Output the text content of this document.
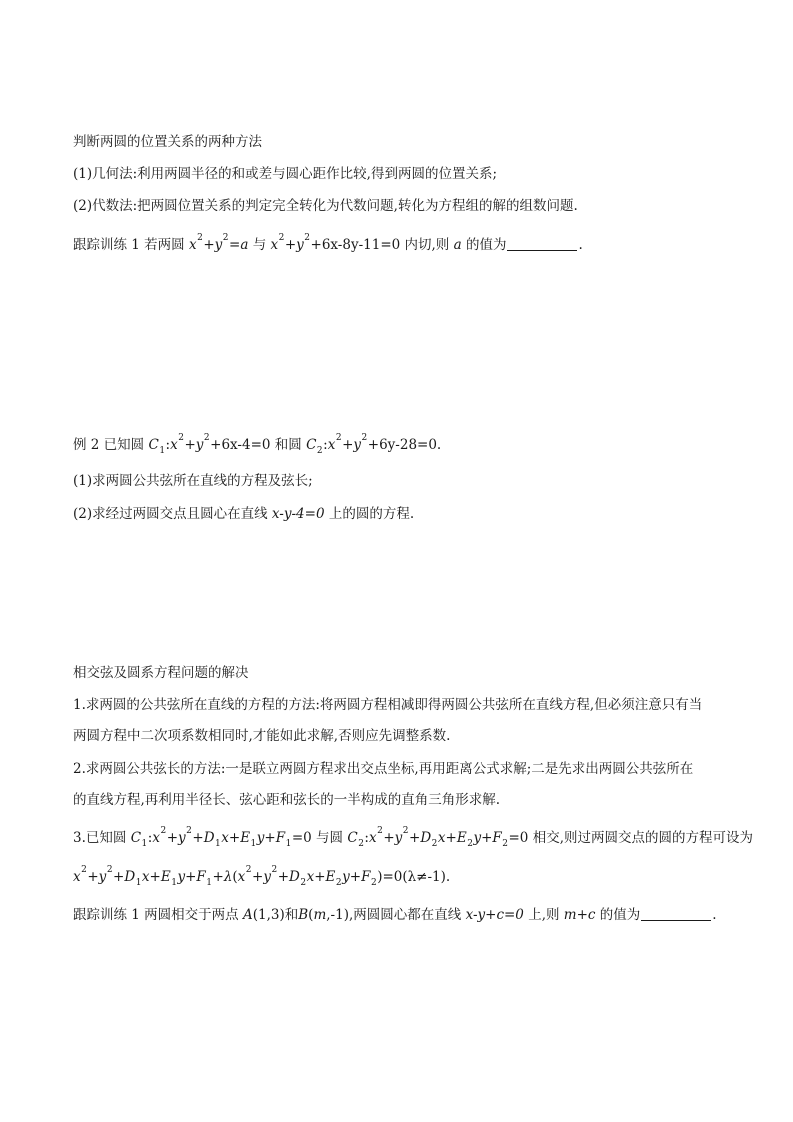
判断两圆的位置关系的两种方法
(1)几何法:利用两圆半径的和或差与圆心距作比较,得到两圆的位置关系;
(2)代数法:把两圆位置关系的判定完全转化为代数问题,转化为方程组的解的组数问题.
跟踪训练 1 若两圆 $x^2+y^2=a$ 与 $x^2+y^2+6x-8y-11=0$ 内切,则 a 的值为	.
例 2 已知圆 $C_1:x^2+y^2+6x-4=0$ 和圆 $C_2:x^2+y^2+6y-28=0$.
(1)求两圆公共弦所在直线的方程及弦长;
(2)求经过两圆交点且圆心在直线 x-y-4=0 上的圆的方程.
相交弦及圆系方程问题的解决
1.求两圆的公共弦所在直线的方程的方法:将两圆方程相减即得两圆公共弦所在直线方程,但必须注意只有当
两圆方程中二次项系数相同时,才能如此求解,否则应先调整系数.
2.求两圆公共弦长的方法:一是联立两圆方程求出交点坐标,再用距离公式求解;二是先求出两圆公共弦所在
的直线方程,再利用半径长、弦心距和弦长的一半构成的直角三角形求解.
3.已知圆 $C_1:x^2+y^2+D_1x+E_1y+F_1=0$ 与圆 $C_2:x^2+y^2+D_2x+E_2y+F_2=0$ 相交,则过两圆交点的圆的方程可设为
$x^2+y^2+D_1x+E_1y+F_1+\lambda(x^2+y^2+D_2x+E_2y+F_2)=0(\lambda\ne-1)$.
跟踪训练 1 两圆相交于两点 A(1,3)和B(m,-1),两圆圆心都在直线 x-y+c=0 上,则 m+c 的值为	.
